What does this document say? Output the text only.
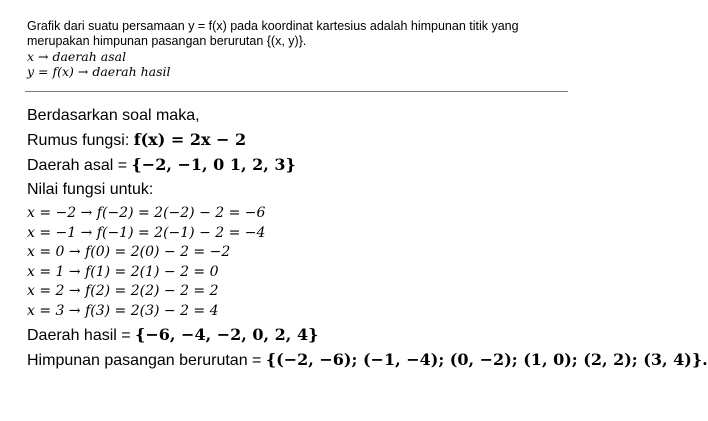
Grafik dari suatu persamaan y = f(x) pada koordinat kartesius adalah himpunan titik yang
merupakan himpunan pasangan berurutan {(x, y)}.
x → daerah asal
y = f(x) → daerah hasil
Berdasarkan soal maka,
Rumus fungsi: f(x) = 2x − 2
Daerah asal = {−2, −1, 0 1, 2, 3}
Nilai fungsi untuk:
x = −2 → f(−2) = 2(−2) − 2 = −6
x = −1 → f(−1) = 2(−1) − 2 = −4
x = 0 → f(0) = 2(0) − 2 = −2
x = 1 → f(1) = 2(1) − 2 = 0
x = 2 → f(2) = 2(2) − 2 = 2
x = 3 → f(3) = 2(3) − 2 = 4
Daerah hasil = {−6, −4, −2, 0, 2, 4}
Himpunan pasangan berurutan = {(−2, −6); (−1, −4); (0, −2); (1, 0); (2, 2); (3, 4)}.
